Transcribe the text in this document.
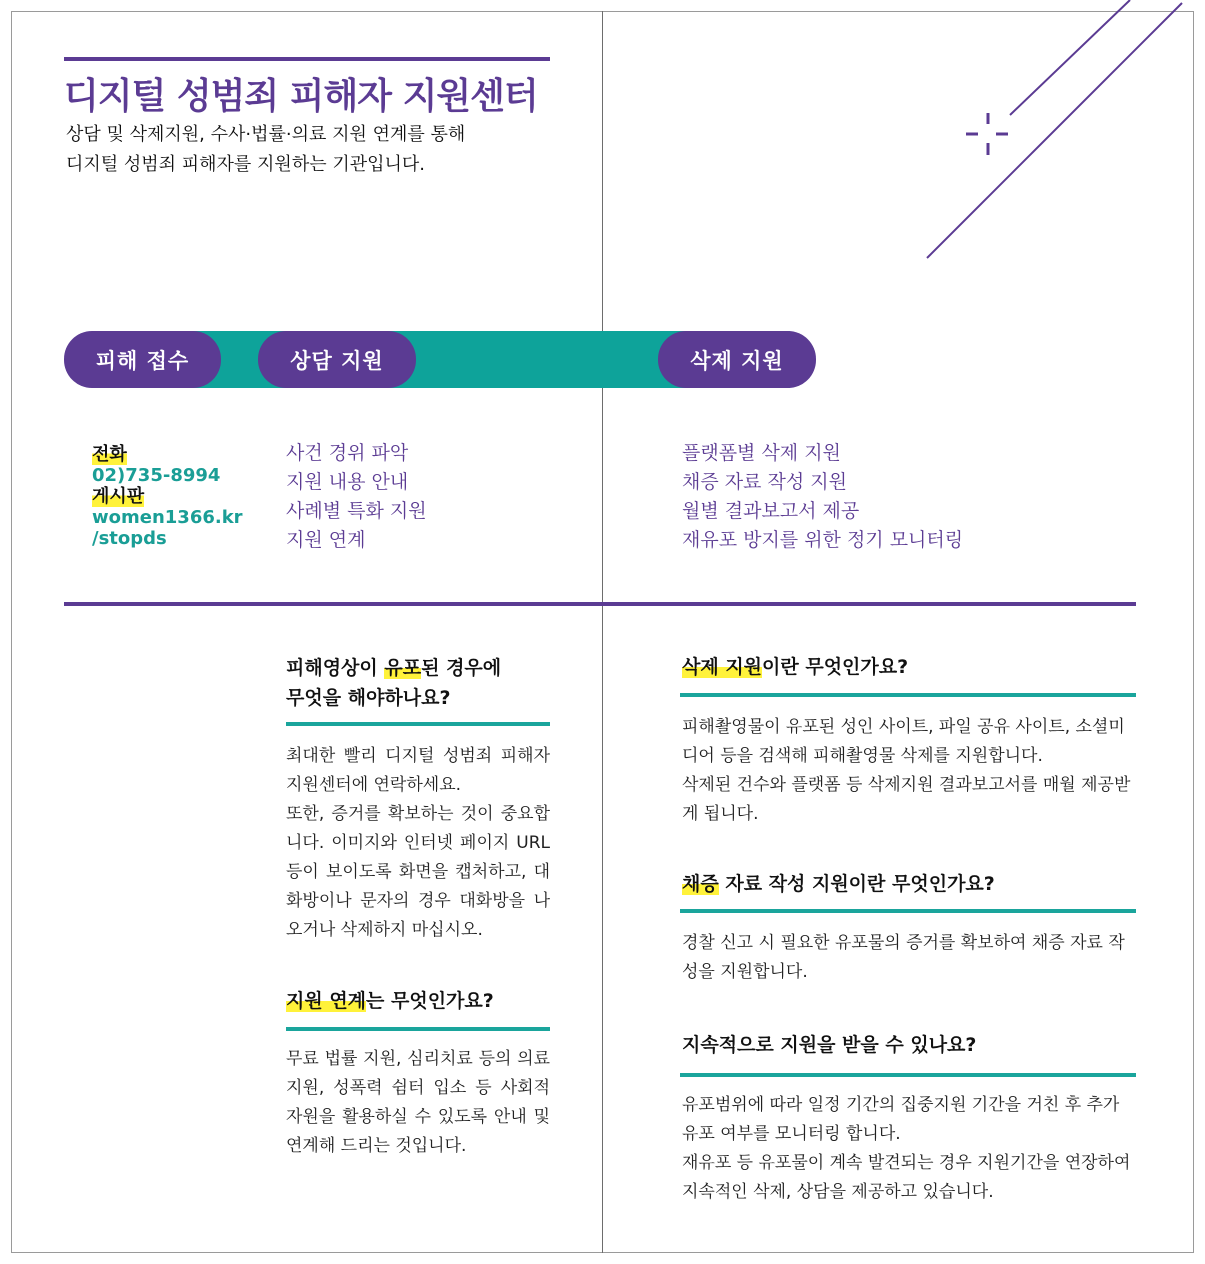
디지털 성범죄 피해자 지원센터
상담 및 삭제지원, 수사·법률·의료 지원 연계를 통해
디지털 성범죄 피해자를 지원하는 기관입니다.
피해 접수	상담 지원	삭제 지원
전화
02)735-8994
게시판
women1366.kr
/stopds
사건 경위 파악
지원 내용 안내
사례별 특화 지원
지원 연계
플랫폼별 삭제 지원
채증 자료 작성 지원
월별 결과보고서 제공
재유포 방지를 위한 정기 모니터링
피해영상이 유포된 경우에
무엇을 해야하나요?
최대한 빨리 디지털 성범죄 피해자 지원센터에 연락하세요.
또한, 증거를 확보하는 것이 중요합니다. 이미지와 인터넷 페이지 URL 등이 보이도록 화면을 캡처하고, 대화방이나 문자의 경우 대화방을 나오거나 삭제하지 마십시오.
지원 연계는 무엇인가요?
무료 법률 지원, 심리치료 등의 의료 지원, 성폭력 쉼터 입소 등 사회적 자원을 활용하실 수 있도록 안내 및 연계해 드리는 것입니다.
삭제 지원이란 무엇인가요?
피해촬영물이 유포된 성인 사이트, 파일 공유 사이트, 소셜미디어 등을 검색해 피해촬영물 삭제를 지원합니다.
삭제된 건수와 플랫폼 등 삭제지원 결과보고서를 매월 제공받게 됩니다.
채증 자료 작성 지원이란 무엇인가요?
경찰 신고 시 필요한 유포물의 증거를 확보하여 채증 자료 작성을 지원합니다.
지속적으로 지원을 받을 수 있나요?
유포범위에 따라 일정 기간의 집중지원 기간을 거친 후 추가 유포 여부를 모니터링 합니다.
재유포 등 유포물이 계속 발견되는 경우 지원기간을 연장하여 지속적인 삭제, 상담을 제공하고 있습니다.
